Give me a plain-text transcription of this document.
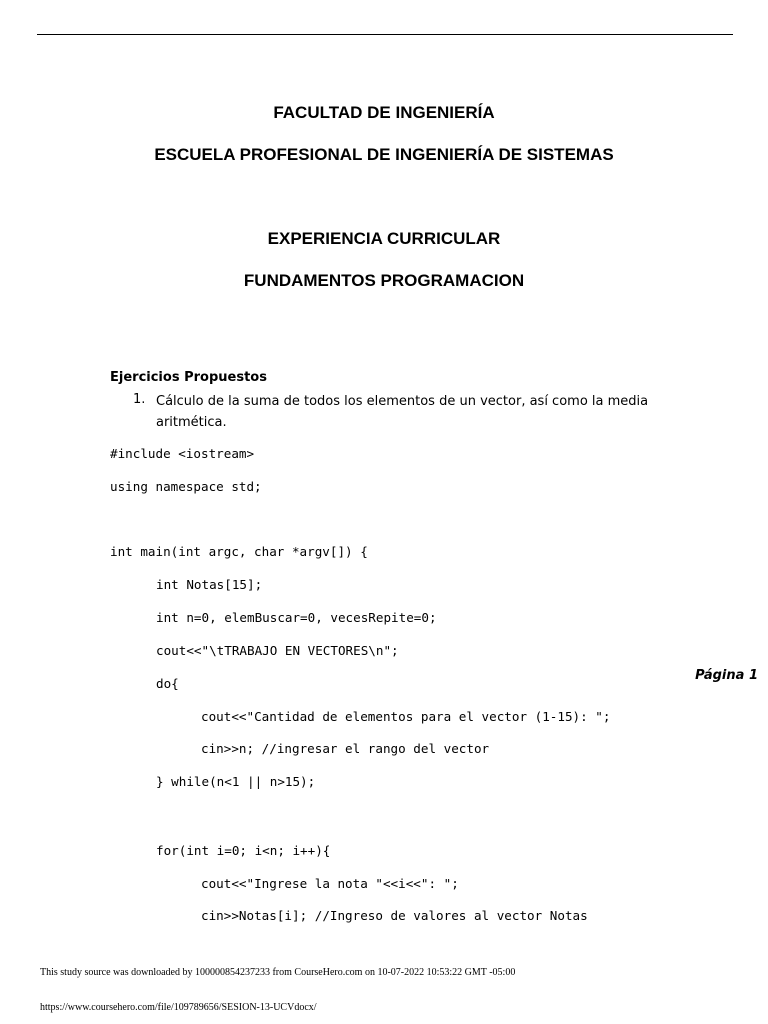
FACULTAD DE INGENIERÍA
ESCUELA PROFESIONAL DE INGENIERÍA DE SISTEMAS
EXPERIENCIA CURRICULAR
FUNDAMENTOS PROGRAMACION
Ejercicios Propuestos
1. Cálculo de la suma de todos los elementos de un vector, así como la media aritmética.
#include <iostream>
using namespace std;
int main(int argc, char *argv[]) {
int Notas[15];
int n=0, elemBuscar=0, vecesRepite=0;
cout<<"\tTRABAJO EN VECTORES\n";
do{
cout<<"Cantidad de elementos para el vector (1-15): ";
cin>>n; //ingresar el rango del vector
} while(n<1 || n>15);
for(int i=0; i<n; i++){
cout<<"Ingrese la nota "<<i<<": ";
cin>>Notas[i]; //Ingreso de valores al vector Notas
Página 1
This study source was downloaded by 100000854237233 from CourseHero.com on 10-07-2022 10:53:22 GMT -05:00
https://www.coursehero.com/file/109789656/SESION-13-UCVdocx/
